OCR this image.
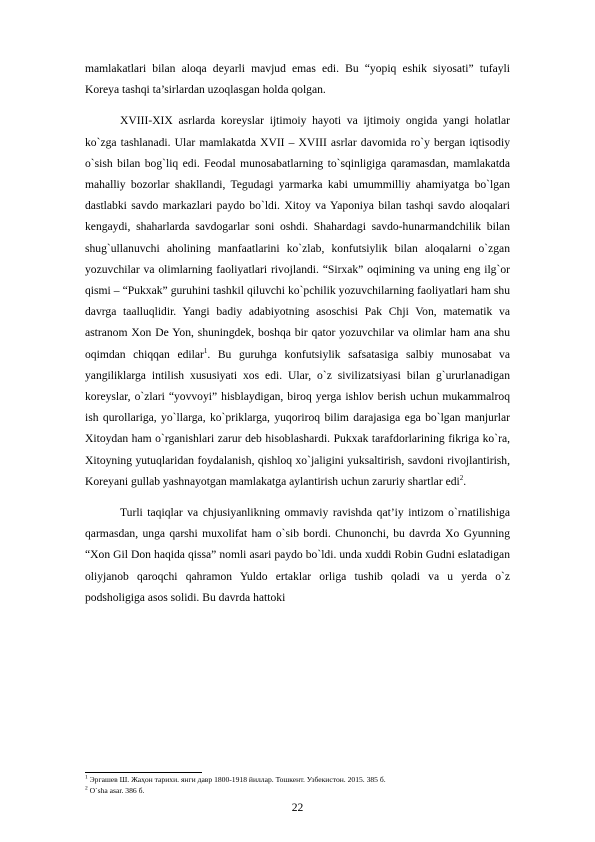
mamlakatlari bilan aloqa deyarli mavjud emas edi. Bu “yopiq eshik siyosati” tufayli Koreya tashqi ta’sirlardan uzoqlasgan holda qolgan.

XVIII-XIX asrlarda koreyslar ijtimoiy hayoti va ijtimoiy ongida yangi holatlar ko`zga tashlanadi. Ular mamlakatda XVII – XVIII asrlar davomida ro`y bergan iqtisodiy o`sish bilan bog`liq edi. Feodal munosabatlarning to`sqinligiga qaramasdan, mamlakatda mahalliy bozorlar shakllandi, Tegudagi yarmarka kabi umummilliy ahamiyatga bo`lgan dastlabki savdo markazlari paydo bo`ldi. Xitoy va Yaponiya bilan tashqi savdo aloqalari kengaydi, shaharlarda savdogarlar soni oshdi. Shahardagi savdo-hunarmandchilik bilan shug`ullanuvchi aholining manfaatlarini ko`zlab, konfutsiylik bilan aloqalarni o`zgan yozuvchilar va olimlarning faoliyatlari rivojlandi. “Sirxak” oqimining va uning eng ilg`or qismi – “Pukxak” guruhini tashkil qiluvchi ko`pchilik yozuvchilarning faoliyatlari ham shu davrga taalluqlidir. Yangi badiy adabiyotning asoschisi Pak Chji Von, matematik va astranom Xon De Yon, shuningdek, boshqa bir qator yozuvchilar va olimlar ham ana shu oqimdan chiqqan edilar$^1$. Bu guruhga konfutsiylik safsatasiga salbiy munosabat va yangiliklarga intilish xususiyati xos edi. Ular, o`z sivilizatsiyasi bilan g`ururlanadigan koreyslar, o`zlari “yovvoyi” hisblaydigan, biroq yerga ishlov berish uchun mukammalroq ish qurollariga, yo`llarga, ko`priklarga, yuqoriroq bilim darajasiga ega bo`lgan manjurlar Xitoydan ham o`rganishlari zarur deb hisoblashardi. Pukxak tarafdorlarining fikriga ko`ra, Xitoyning yutuqlaridan foydalanish, qishloq xo`jaligini yuksaltirish, savdoni rivojlantirish, Koreyani gullab yashnayotgan mamlakatga aylantirish uchun zaruriy shartlar edi$^2$.

Turli taqiqlar va chjusiyanlikning ommaviy ravishda qat’iy intizom o`rnatilishiga qarmasdan, unga qarshi muxolifat ham o`sib bordi. Chunonchi, bu davrda Xo Gyunning “Xon Gil Don haqida qissa” nomli asari paydo bo`ldi. unda xuddi Robin Gudni eslatadigan oliyjanob qaroqchi qahramon Yuldo ertaklar orliga tushib qoladi va u yerda o`z podsholigiga asos solidi. Bu davrda hattoki

$^1$ Эргашев Ш. Жаҳон тарихи. янги давр 1800-1918 йиллар. Тошкент. Узбекистон. 2015. 385 б.
$^2$ O`sha asar. 386 б.
22
